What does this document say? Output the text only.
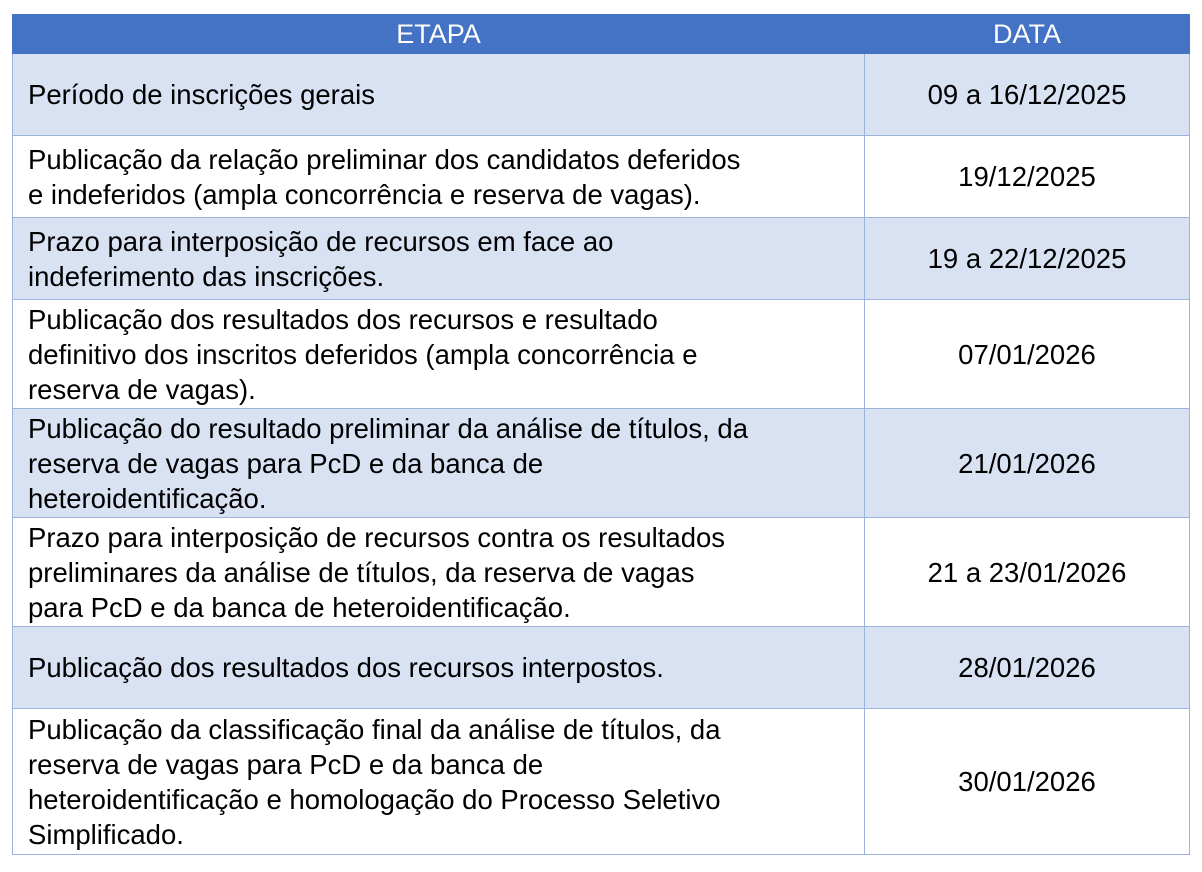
ETAPA	DATA

Período de inscrições gerais	09 a 16/12/2025

Publicação da relação preliminar dos candidatos deferidos
e indeferidos (ampla concorrência e reserva de vagas).	19/12/2025

Prazo para interposição de recursos em face ao
indeferimento das inscrições.	19 a 22/12/2025

Publicação dos resultados dos recursos e resultado
definitivo dos inscritos deferidos (ampla concorrência e
reserva de vagas).	07/01/2026

Publicação do resultado preliminar da análise de títulos, da
reserva de vagas para PcD e da banca de
heteroidentificação.	21/01/2026

Prazo para interposição de recursos contra os resultados
preliminares da análise de títulos, da reserva de vagas
para PcD e da banca de heteroidentificação.	21 a 23/01/2026

Publicação dos resultados dos recursos interpostos.	28/01/2026

Publicação da classificação final da análise de títulos, da
reserva de vagas para PcD e da banca de
heteroidentificação e homologação do Processo Seletivo
Simplificado.	30/01/2026
